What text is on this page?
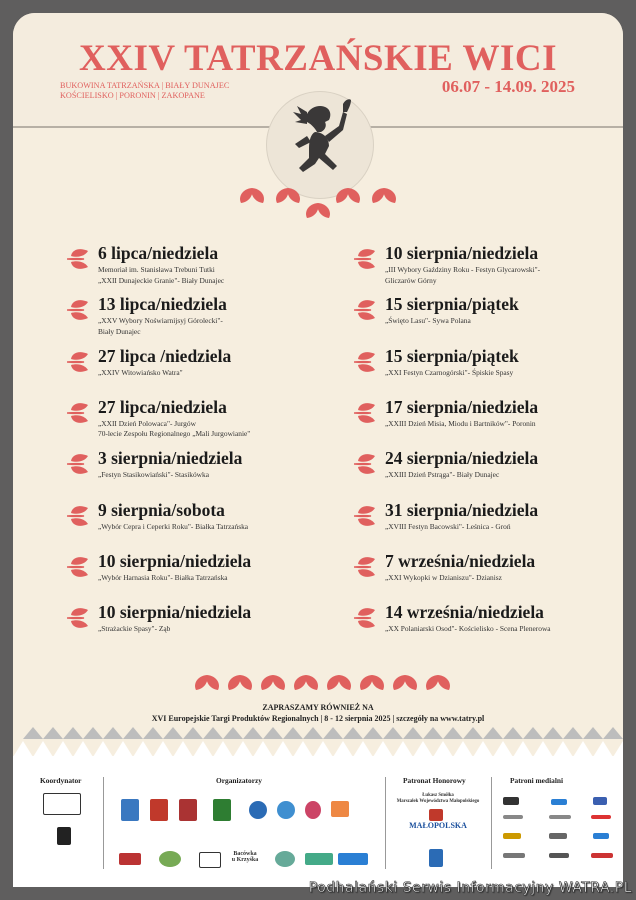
XXIV TATRZAŃSKIE WICI
BUKOWINA TATRZAŃSKA | BIAŁY DUNAJEC
KOŚCIELISKO | PORONIN | ZAKOPANE	06.07 - 14.09. 2025
6 lipca/niedziela
Memoriał im. Stanisława Trebuni Tutki
„XXII Dunajeckie Granie"- Biały Dunajec
13 lipca/niedziela
„XXV Wybory Noświarnijsyj Górolecki"-
Biały Dunajec
27 lipca /niedziela
„XXIV Witowiańsko Watra"
27 lipca/niedziela
„XXII Dzień Polowaca"- Jurgów
70-lecie Zespołu Regionalnego „Mali Jurgowianie"
3 sierpnia/niedziela
„Festyn Stasikowiański"- Stasikówka
9 sierpnia/sobota
„Wybór Cepra i Ceperki Roku"- Białka Tatrzańska
10 sierpnia/niedziela
„Wybór Harnasia Roku"- Białka Tatrzańska
10 sierpnia/niedziela
„Strażackie Spasy"- Ząb
10 sierpnia/niedziela
„III Wybory Gaździny Roku - Festyn Glycarowski"-
Gliczarów Górny
15 sierpnia/piątek
„Święto Lasu"- Sywa Polana
15 sierpnia/piątek
„XXI Festyn Czarnogórski"- Śpiskie Spasy
17 sierpnia/niedziela
„XXIII Dzień Misia, Miodu i Bartników"- Poronin
24 sierpnia/niedziela
„XXIII Dzień Pstrąga"- Biały Dunajec
31 sierpnia/niedziela
„XVIII Festyn Bacowski"- Leśnica - Groń
7 września/niedziela
„XXI Wykopki w Dzianiszu"- Dzianisz
14 września/niedziela
„XX Polaniarski Osod"- Kościelisko - Scena Plenerowa
ZAPRASZAMY RÓWNIEŻ NA
XVI Europejskie Targi Produktów Regionalnych | 8 - 12 sierpnia 2025 | szczegóły na www.tatry.pl
Koordynator	Organizatorzy	Patronat Honorowy	Patroni medialni
Bacówka
u Krzyśka
Łukasz Smółka
Marszałek Województwa Małopolskiego
MAŁOPOLSKA
Podhalański Serwis Informacyjny WATRA.PL
